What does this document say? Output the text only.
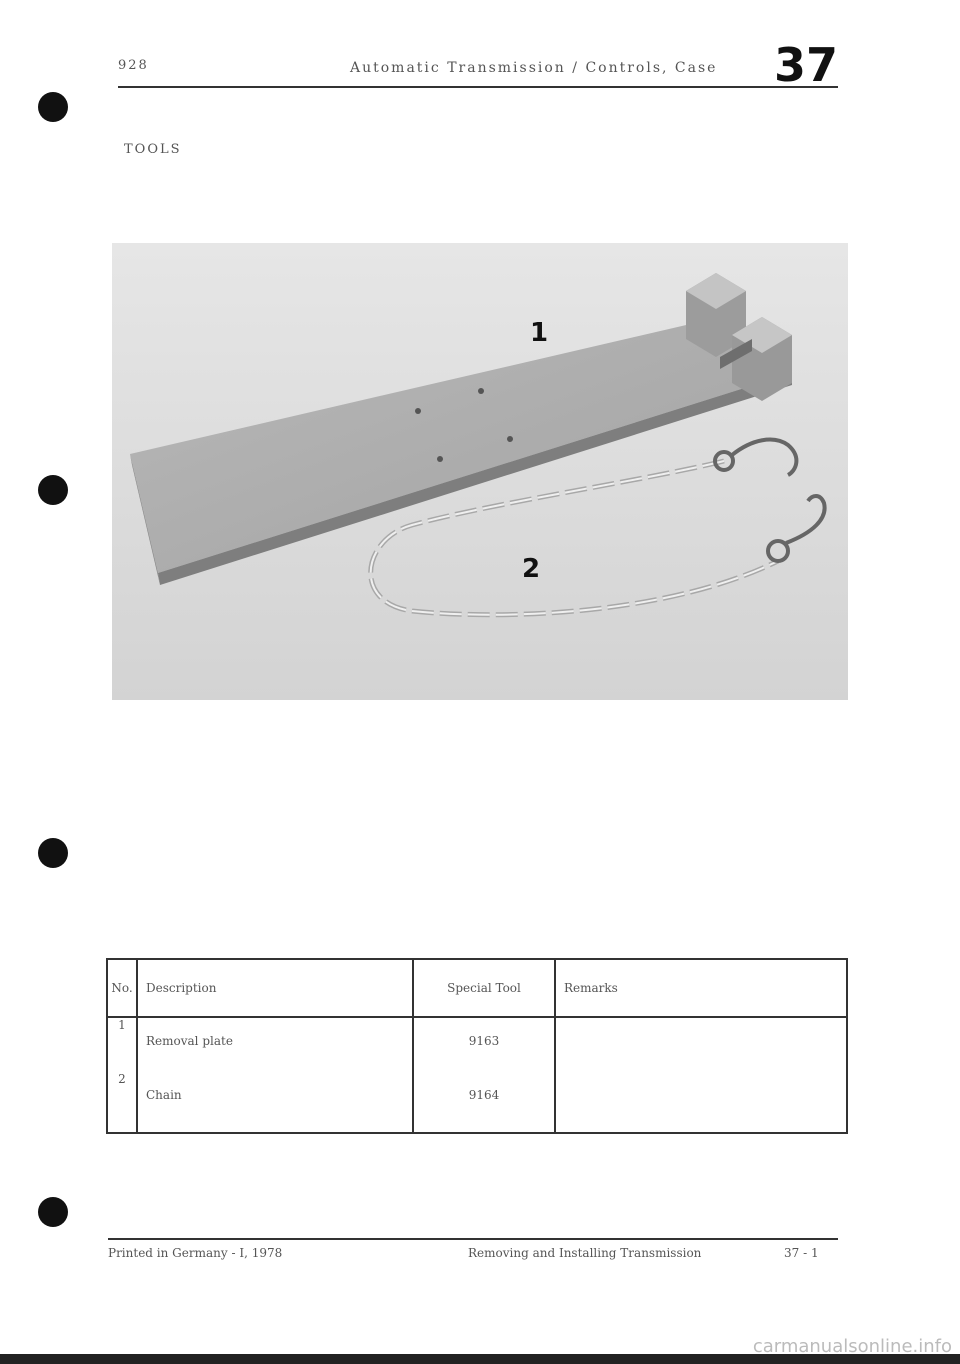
928	Automatic Transmission / Controls, Case 37
TOOLS
1
2
No.	Description	Special Tool	Remarks
1	Removal plate	9163	
2	Chain	9164	
Printed in Germany - I, 1978	Removing and Installing Transmission	37 - 1
carmanualsonline.info
